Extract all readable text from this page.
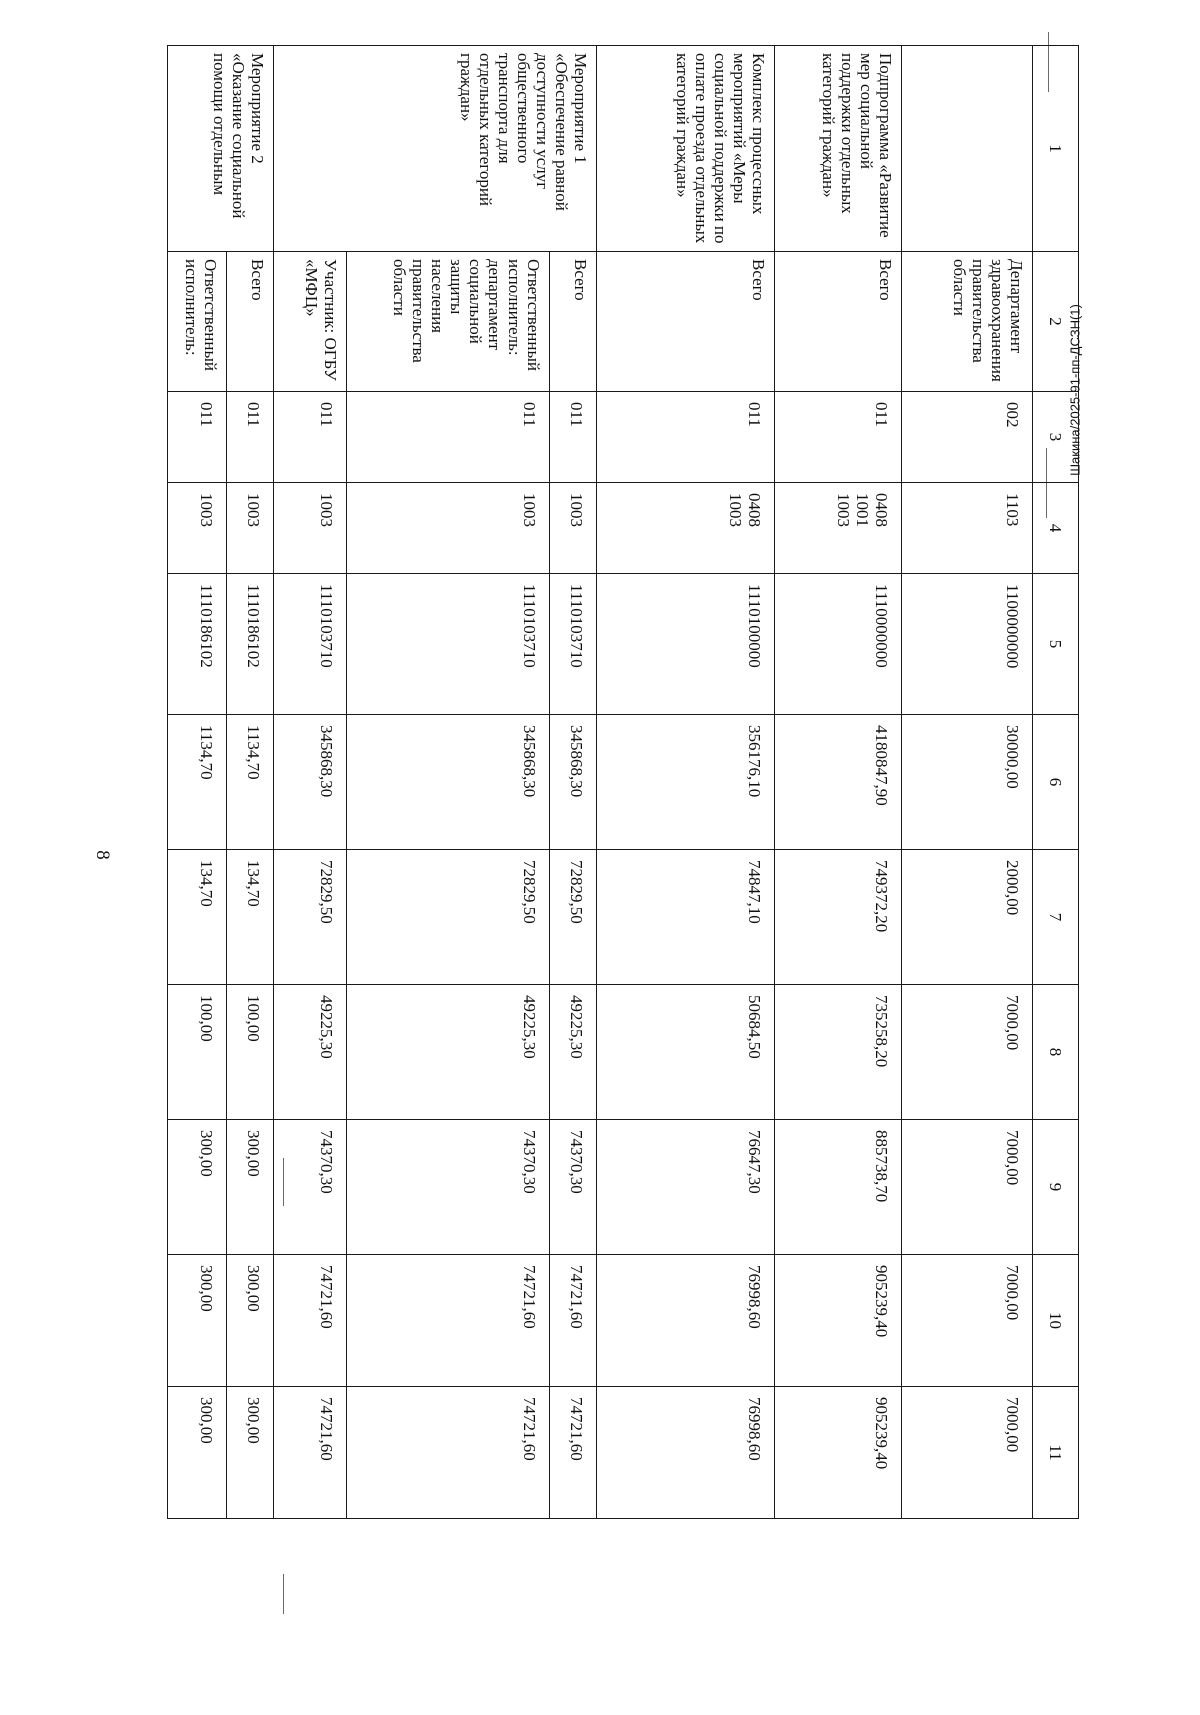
8
Шакина/2025-91-пп-ДСЗН(1)
1	2	3	4	5	6	7	8	9	10	11
	Департамент здравоохранения правительства области	002	1103	1100000000	30000,00	2000,00	7000,00	7000,00	7000,00	7000,00
Подпрограмма «Развитие мер социальной поддержки отдельных категорий граждан»	Всего	011	0408
1001
1003	1110000000	4180847,90	749372,20	735258,20	885738,70	905239,40	905239,40
Комплекс процессных мероприятий «Меры социальной поддержки по оплате проезда отдельных категорий граждан»	Всего	011	0408
1003	1110100000	356176,10	74847,10	50684,50	76647,30	76998,60	76998,60
Мероприятие 1 «Обеспечение равной доступности услуг общественного транспорта для отдельных категорий граждан»	Всего	011	1003	1110103710	345868,30	72829,50	49225,30	74370,30	74721,60	74721,60
	Ответственный исполнитель: департамент социальной защиты населения правительства области	011	1003	1110103710	345868,30	72829,50	49225,30	74370,30	74721,60	74721,60
	Участник: ОГБУ «МФЦ»	011	1003	1110103710	345868,30	72829,50	49225,30	74370,30	74721,60	74721,60
Мероприятие 2 «Оказание социальной помощи отдельным	Всего	011	1003	1110186102	1134,70	134,70	100,00	300,00	300,00	300,00
	Ответственный исполнитель:	011	1003	1110186102	1134,70	134,70	100,00	300,00	300,00	300,00
